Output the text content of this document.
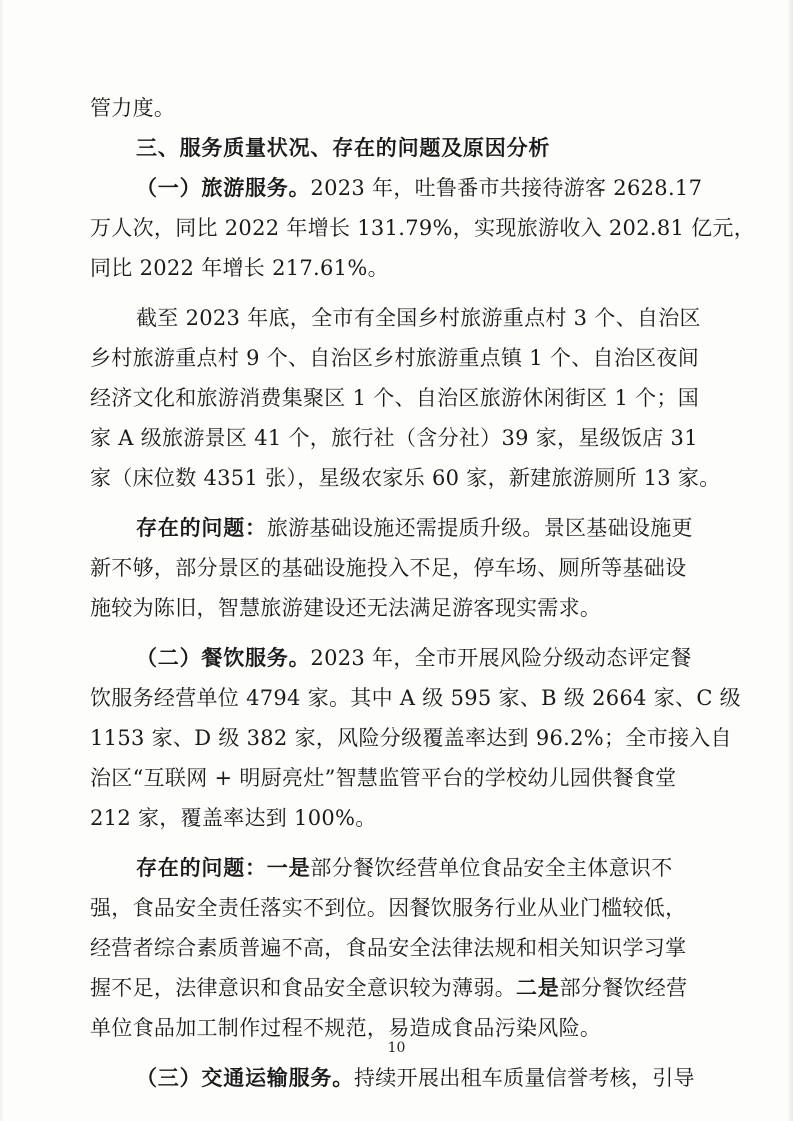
管力度。
三、服务质量状况、存在的问题及原因分析
（一）旅游服务。2023 年，吐鲁番市共接待游客 2628.17
万人次，同比 2022 年增长 131.79%，实现旅游收入 202.81 亿元，
同比 2022 年增长 217.61%。
截至 2023 年底，全市有全国乡村旅游重点村 3 个、自治区
乡村旅游重点村 9 个、自治区乡村旅游重点镇 1 个、自治区夜间
经济文化和旅游消费集聚区 1 个、自治区旅游休闲街区 1 个；国
家 A 级旅游景区 41 个，旅行社（含分社）39 家，星级饭店 31
家（床位数 4351 张），星级农家乐 60 家，新建旅游厕所 13 家。
存在的问题：旅游基础设施还需提质升级。景区基础设施更
新不够，部分景区的基础设施投入不足，停车场、厕所等基础设
施较为陈旧，智慧旅游建设还无法满足游客现实需求。
（二）餐饮服务。2023 年，全市开展风险分级动态评定餐
饮服务经营单位 4794 家。其中 A 级 595 家、B 级 2664 家、C 级
1153 家、D 级 382 家，风险分级覆盖率达到 96.2%；全市接入自
治区“互联网 + 明厨亮灶”智慧监管平台的学校幼儿园供餐食堂
212 家，覆盖率达到 100%。
存在的问题：一是部分餐饮经营单位食品安全主体意识不
强，食品安全责任落实不到位。因餐饮服务行业从业门槛较低，
经营者综合素质普遍不高，食品安全法律法规和相关知识学习掌
握不足，法律意识和食品安全意识较为薄弱。二是部分餐饮经营
单位食品加工制作过程不规范，易造成食品污染风险。
（三）交通运输服务。持续开展出租车质量信誉考核，引导
10
